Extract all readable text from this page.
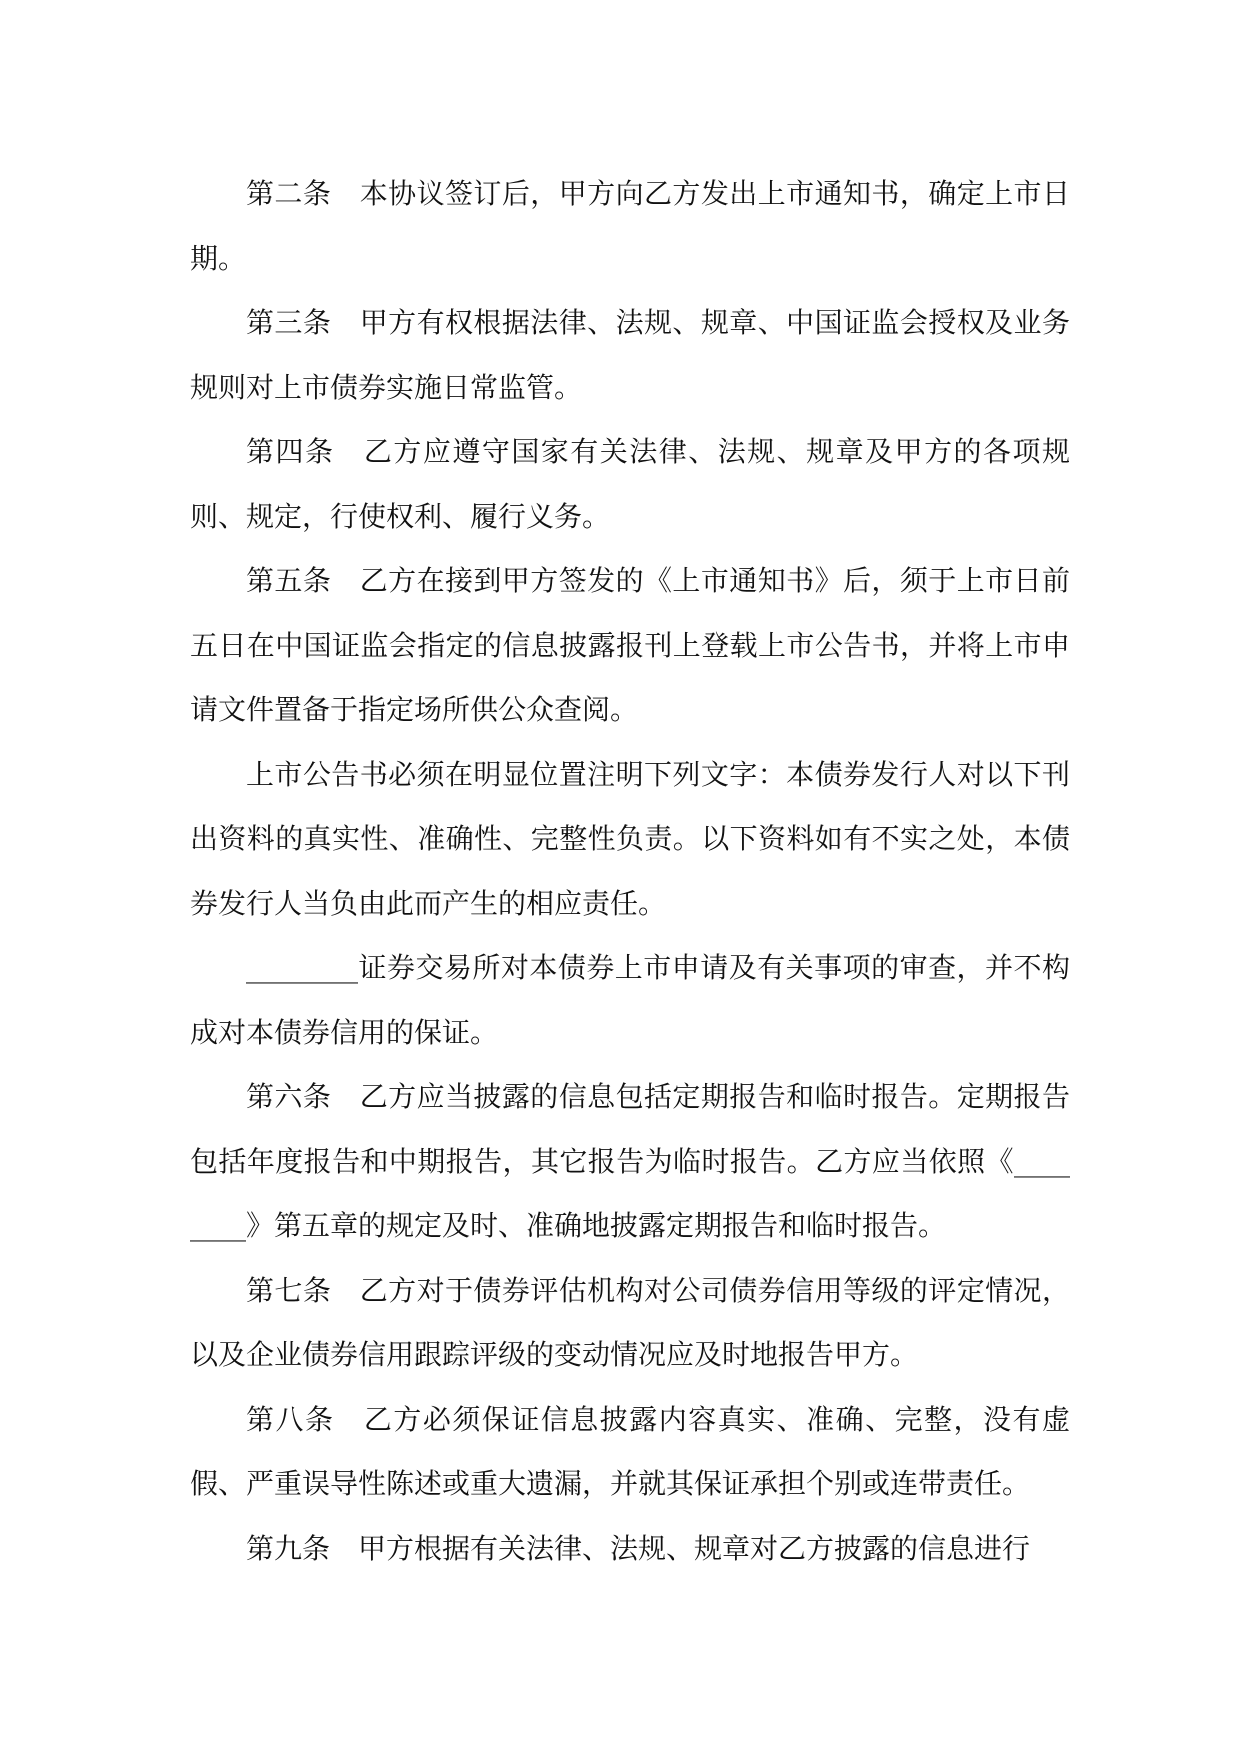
第二条　本协议签订后，甲方向乙方发出上市通知书，确定上市日期。

第三条　甲方有权根据法律、法规、规章、中国证监会授权及业务规则对上市债券实施日常监管。

第四条　乙方应遵守国家有关法律、法规、规章及甲方的各项规则、规定，行使权利、履行义务。

第五条　乙方在接到甲方签发的《上市通知书》后，须于上市日前五日在中国证监会指定的信息披露报刊上登载上市公告书，并将上市申请文件置备于指定场所供公众查阅。

上市公告书必须在明显位置注明下列文字：本债券发行人对以下刊出资料的真实性、准确性、完整性负责。以下资料如有不实之处，本债券发行人当负由此而产生的相应责任。

________证券交易所对本债券上市申请及有关事项的审查，并不构成对本债券信用的保证。

第六条　乙方应当披露的信息包括定期报告和临时报告。定期报告包括年度报告和中期报告，其它报告为临时报告。乙方应当依照《________》第五章的规定及时、准确地披露定期报告和临时报告。

第七条　乙方对于债券评估机构对公司债券信用等级的评定情况，以及企业债券信用跟踪评级的变动情况应及时地报告甲方。

第八条　乙方必须保证信息披露内容真实、准确、完整，没有虚假、严重误导性陈述或重大遗漏，并就其保证承担个别或连带责任。

第九条　甲方根据有关法律、法规、规章对乙方披露的信息进行
